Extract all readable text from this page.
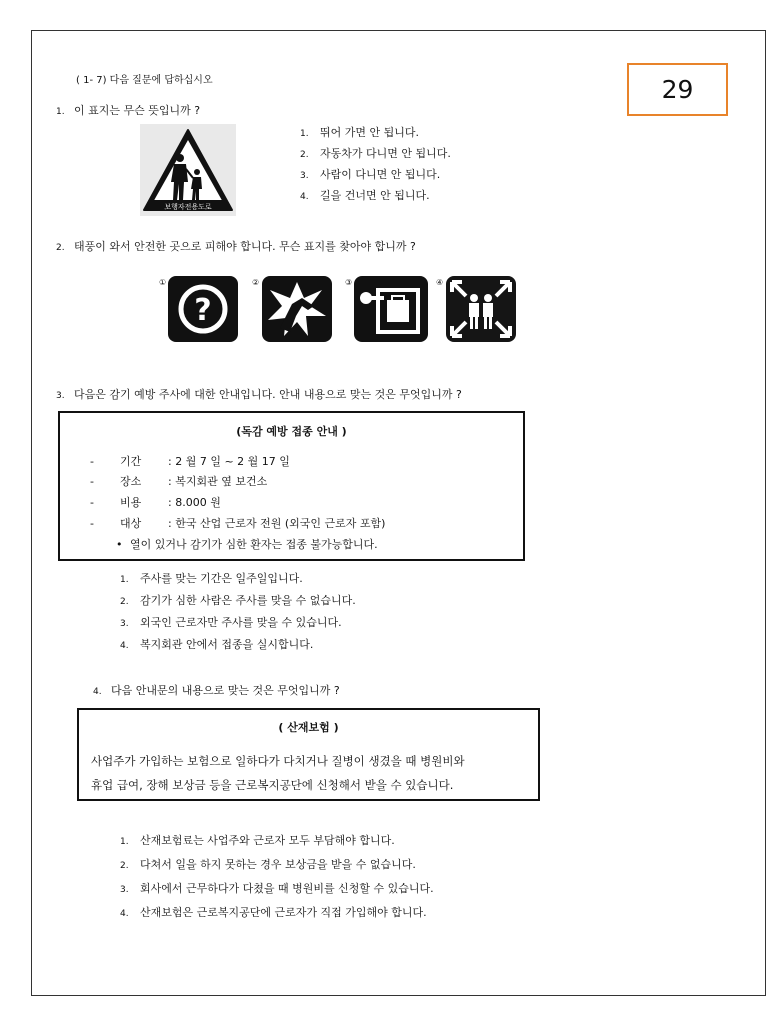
29
( 1- 7) 다음 질문에 답하십시오
1. 이 표지는 무슨 뜻입니까 ?
보행자전용도로
1. 뛰어 가면 안 됩니다.
2. 자동차가 다니면 안 됩니다.
3. 사람이 다니면 안 됩니다.
4. 길을 건너면 안 됩니다.
2. 태풍이 와서 안전한 곳으로 피해야 합니다. 무슨 표지를 찾아야 합니까 ?
①
?
②	③	④
3. 다음은 감기 예방 주사에 대한 안내입니다. 안내 내용으로 맞는 것은 무엇입니까 ?
(독감 예방 접종 안내 )
- 기간 : 2 월 7 일 ~ 2 월 17 일
- 장소 : 복지회관 옆 보건소
- 비용 : 8.000 원
- 대상 : 한국 산업 근로자 전원 (외국인 근로자 포함)
• 열이 있거나 감기가 심한 환자는 접종 불가능합니다.
1. 주사를 맞는 기간은 일주일입니다.
2. 감기가 심한 사람은 주사를 맞을 수 없습니다.
3. 외국인 근로자만 주사를 맞을 수 있습니다.
4. 복지회관 안에서 접종을 실시합니다.
4. 다음 안내문의 내용으로 맞는 것은 무엇입니까 ?
( 산재보험 )
사업주가 가입하는 보험으로 일하다가 다치거나 질병이 생겼을 때 병원비와
휴업 급여, 장해 보상금 등을 근로복지공단에 신청해서 받을 수 있습니다.
1. 산재보험료는 사업주와 근로자 모두 부담해야 합니다.
2. 다쳐서 일을 하지 못하는 경우 보상금을 받을 수 없습니다.
3. 회사에서 근무하다가 다쳤을 때 병원비를 신청할 수 있습니다.
4. 산재보험은 근로복지공단에 근로자가 직접 가입해야 합니다.
